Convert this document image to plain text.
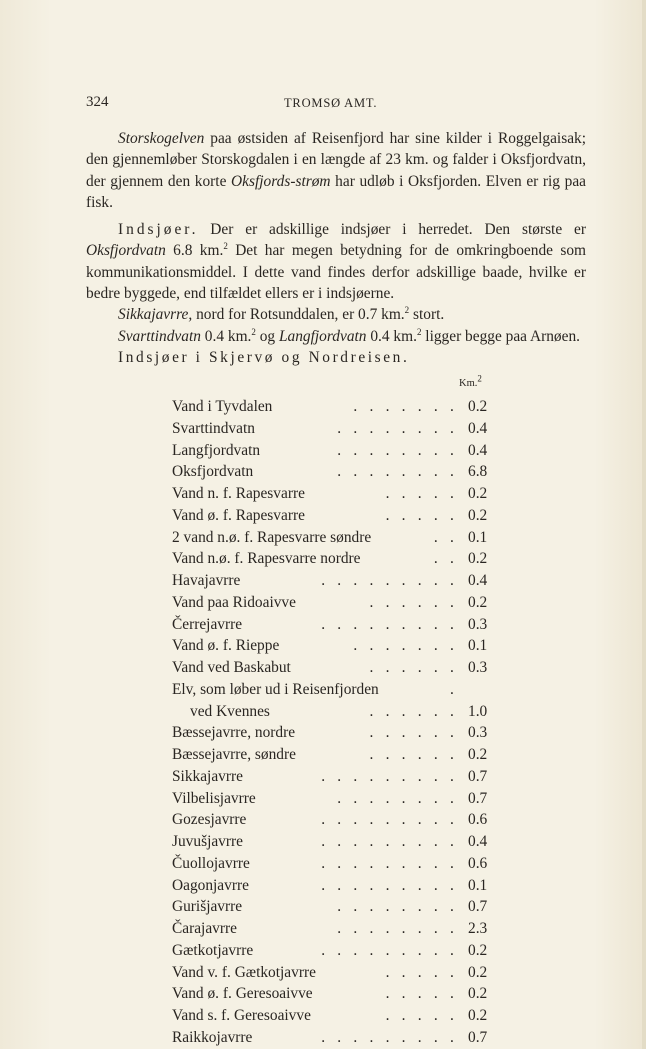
324	TROMSØ AMT.

Storskogelven paa østsiden af Reisenfjord har sine kilder i Roggelgaisak; den gjennemløber Storskogdalen i en længde af 23 km. og falder i Oksfjordvatn, der gjennem den korte Oksfjords-strøm har udløb i Oksfjorden. Elven er rig paa fisk.

Indsjøer. Der er adskillige indsjøer i herredet. Den største er Oksfjordvatn 6.8 km.$^2$ Det har megen betydning for de omkringboende som kommunikationsmiddel. I dette vand findes derfor adskillige baade, hvilke er bedre byggede, end tilfældet ellers er i indsjøerne.

Sikkajavrre, nord for Rotsunddalen, er 0.7 km.$^2$ stort.

Svarttindvatn 0.4 km.$^2$ og Langfjordvatn 0.4 km.$^2$ ligger begge paa Arnøen.

Indsjøer i Skjervø og Nordreisen.

Km.$^2$
Vand i Tyvdalen	. . . . . . . 0.2
Svarttindvatn	. . . . . . . . 0.4
Langfjordvatn	. . . . . . . . 0.4
Oksfjordvatn	. . . . . . . . 6.8
Vand n. f. Rapesvarre	. . . . . 0.2
Vand ø. f. Rapesvarre	. . . . . 0.2
2 vand n.ø. f. Rapesvarre søndre	. . 0.1
Vand n.ø. f. Rapesvarre nordre	. . 0.2
Havajavrre	. . . . . . . . . 0.4
Vand paa Ridoaivve	. . . . . . 0.2
Čerrejavrre	. . . . . . . . . 0.3
Vand ø. f. Rieppe	. . . . . . . 0.1
Vand ved Baskabut	. . . . . . 0.3
Elv, som løber ud i Reisenfjorden	.
ved Kvennes	. . . . . . 1.0
Bæssejavrre, nordre	. . . . . . 0.3
Bæssejavrre, søndre	. . . . . . 0.2
Sikkajavrre	. . . . . . . . . 0.7
Vilbelisjavrre	. . . . . . . . 0.7
Gozesjavrre	. . . . . . . . . 0.6
Juvušjavrre	. . . . . . . . . 0.4
Čuollojavrre	. . . . . . . . . 0.6
Oagonjavrre	. . . . . . . . . 0.1
Gurišjavrre	. . . . . . . . 0.7
Čarajavrre	. . . . . . . . 2.3
Gætkotjavrre	. . . . . . . . . 0.2
Vand v. f. Gætkotjavrre	. . . . . 0.2
Vand ø. f. Geresoaivve	. . . . . 0.2
Vand s. f. Geresoaivve	. . . . . 0.2
Raikkojavrre	. . . . . . . . . 0.7
